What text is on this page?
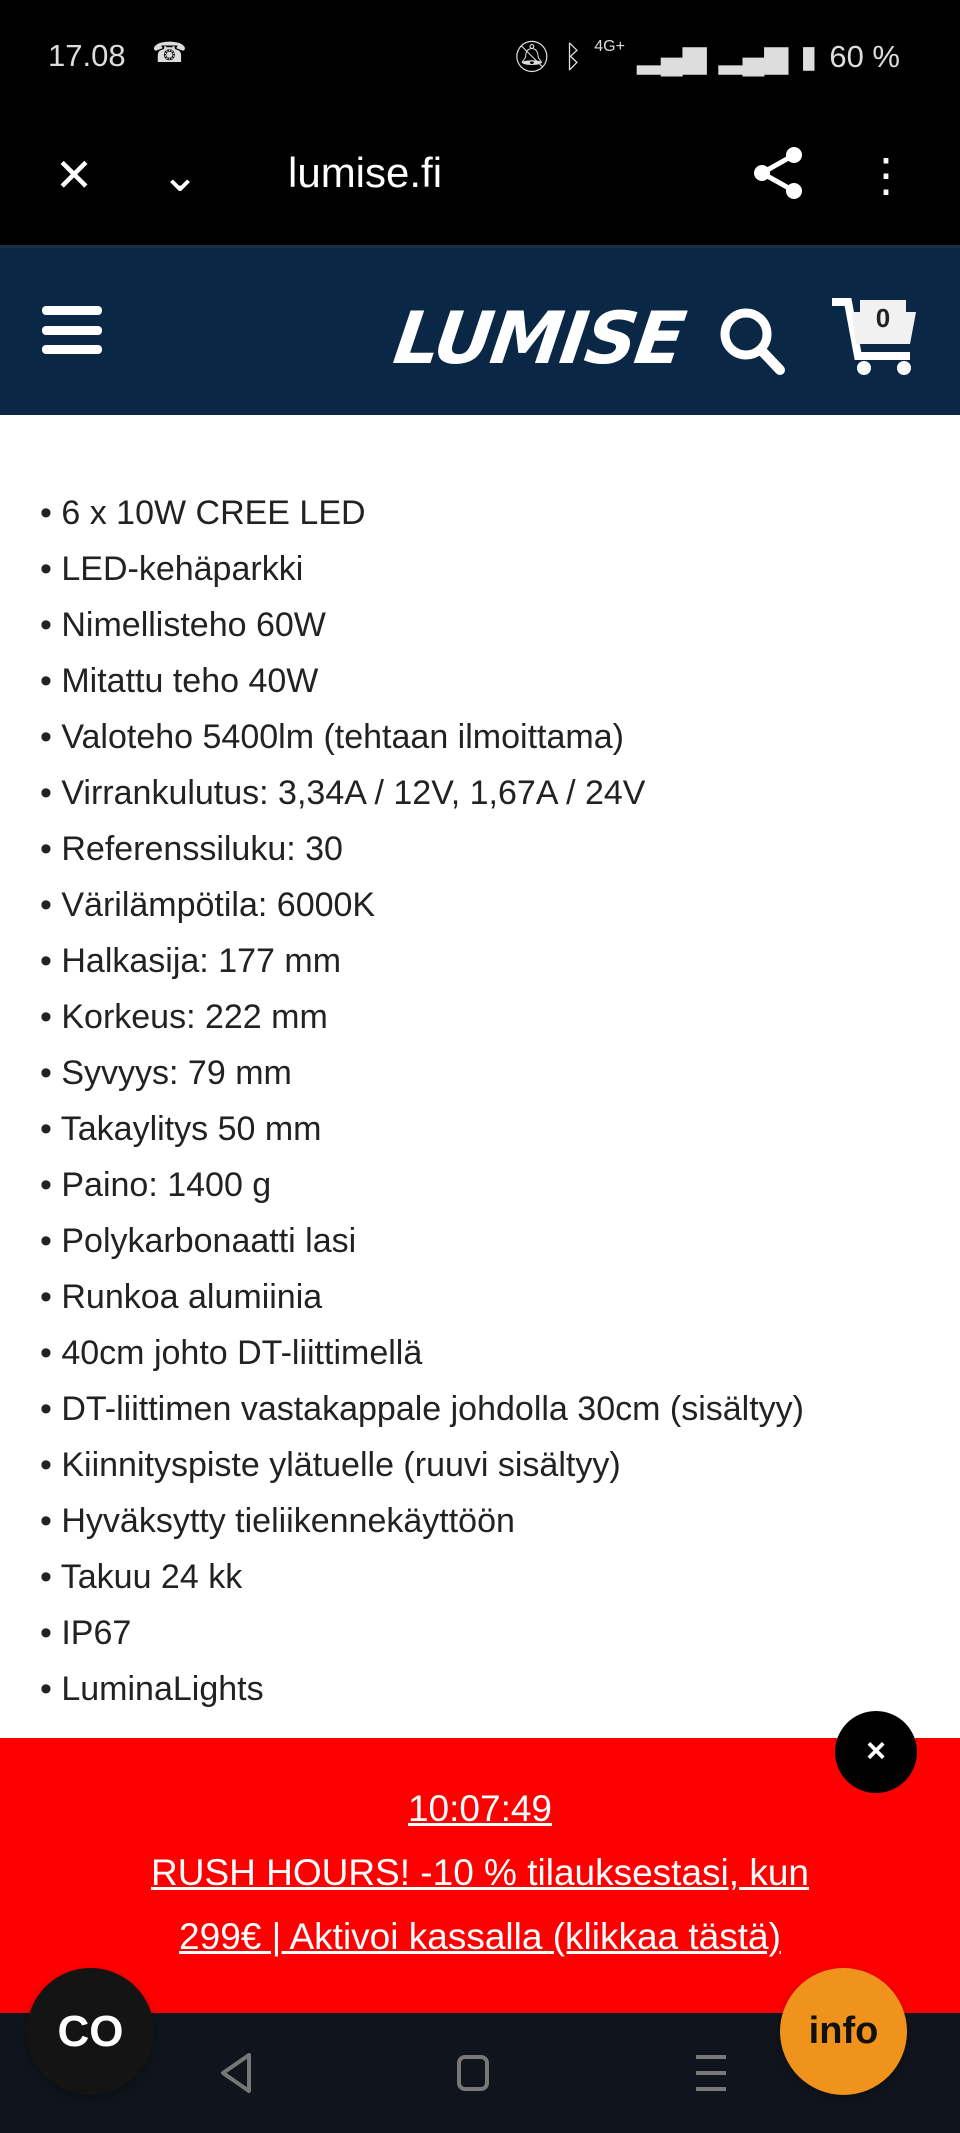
17.08 ☎	🔕︎ ᛒ 4G+ ▂▄▆ ▂▄▆ ▮ 60 %
✕ ⌄ lumise.fi	⋮
LUMISE	0
• 6 x 10W CREE LED
• LED-kehäparkki
• Nimellisteho 60W
• Mitattu teho 40W
• Valoteho 5400lm (tehtaan ilmoittama)
• Virrankulutus: 3,34A / 12V, 1,67A / 24V
• Referenssiluku: 30
• Värilämpötila: 6000K
• Halkasija: 177 mm
• Korkeus: 222 mm
• Syvyys: 79 mm
• Takaylitys 50 mm
• Paino: 1400 g
• Polykarbonaatti lasi
• Runkoa alumiinia
• 40cm johto DT-liittimellä
• DT-liittimen vastakappale johdolla 30cm (sisältyy)
• Kiinnityspiste ylätuelle (ruuvi sisältyy)
• Hyväksytty tieliikennekäyttöön
• Takuu 24 kk
• IP67
• LuminaLights
10:07:49
RUSH HOURS! -10 % tilauksestasi, kun
299€ | Aktivoi kassalla (klikkaa tästä)
×
info
CO
